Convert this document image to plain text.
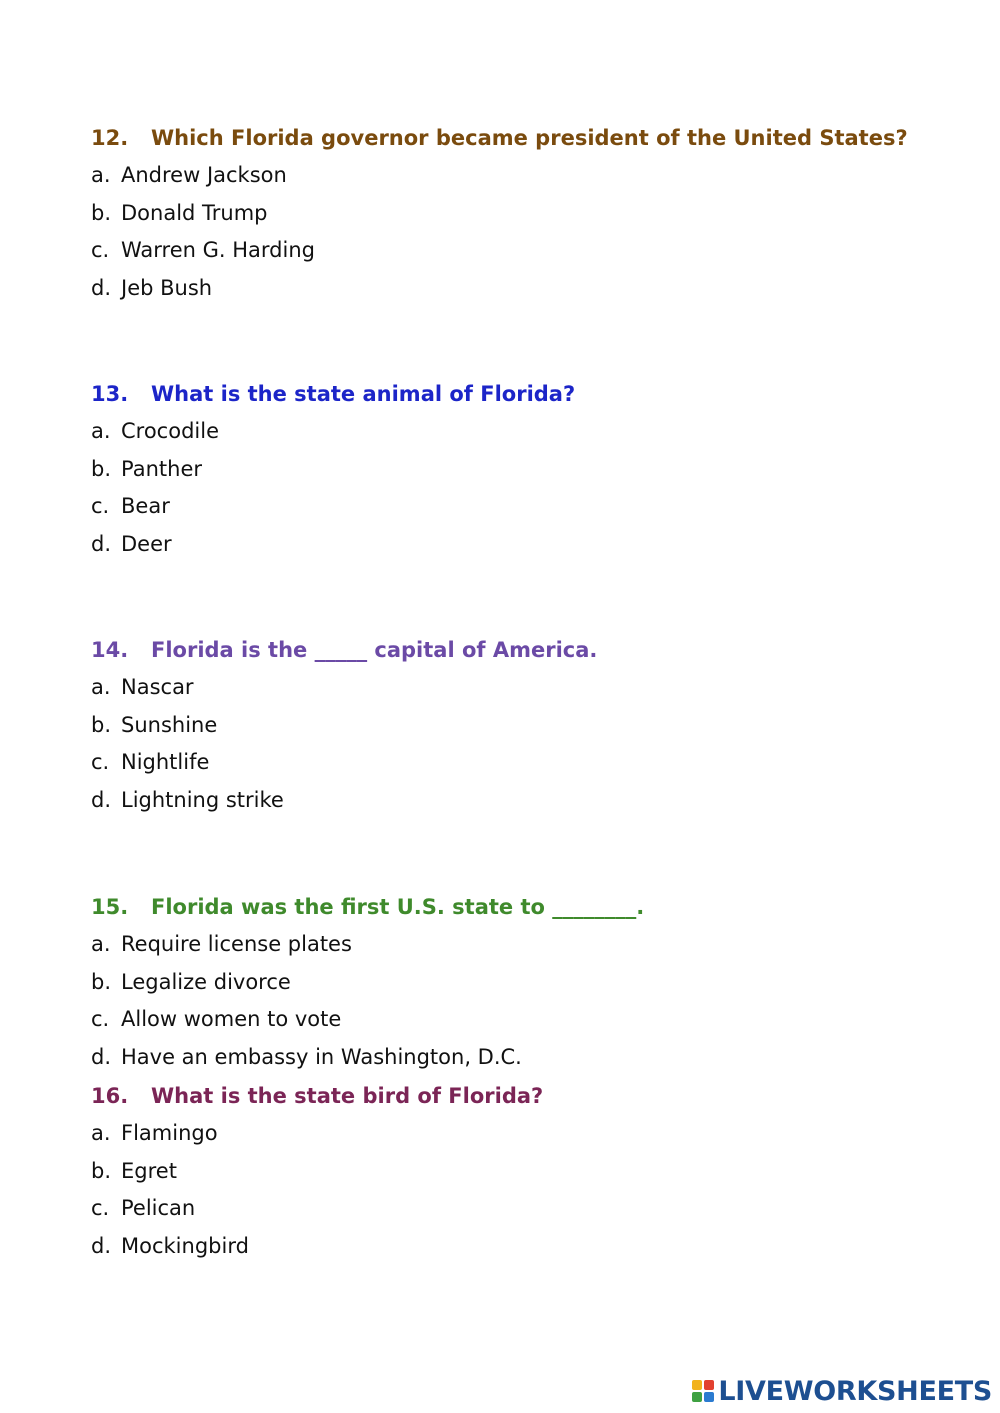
12. Which Florida governor became president of the United States?
a. Andrew Jackson
b. Donald Trump
c. Warren G. Harding
d. Jeb Bush
13. What is the state animal of Florida?
a. Crocodile
b. Panther
c. Bear
d. Deer
14. Florida is the _____ capital of America.
a. Nascar
b. Sunshine
c. Nightlife
d. Lightning strike
15. Florida was the first U.S. state to ________.
a. Require license plates
b. Legalize divorce
c. Allow women to vote
d. Have an embassy in Washington, D.C.
16. What is the state bird of Florida?
a. Flamingo
b. Egret
c. Pelican
d. Mockingbird
LIVEWORKSHEETS
